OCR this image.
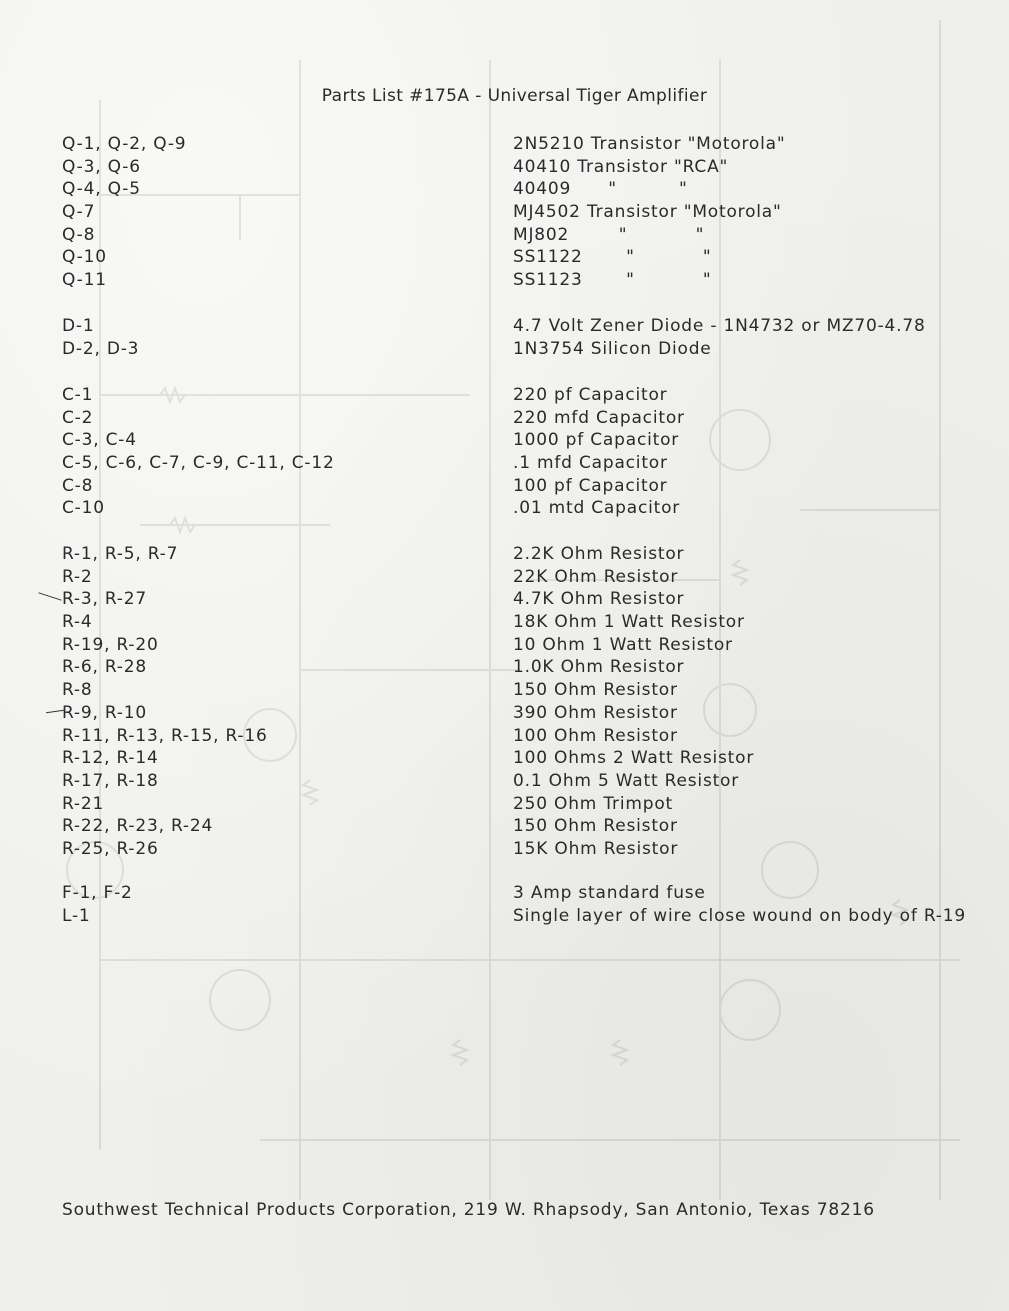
Parts List #175A - Universal Tiger Amplifier
Q-1, Q-2, Q-9	2N5210 Transistor "Motorola"
Q-3, Q-6	40410 Transistor "RCA"
Q-4, Q-5	40409      "          "
Q-7	MJ4502 Transistor "Motorola"
Q-8	MJ802        "           "
Q-10	SS1122       "           "
Q-11	SS1123       "           "
D-1	4.7 Volt Zener Diode - 1N4732 or MZ70-4.78
D-2, D-3	1N3754 Silicon Diode
C-1	220 pf Capacitor
C-2	220 mfd Capacitor
C-3, C-4	1000 pf Capacitor
C-5, C-6, C-7, C-9, C-11, C-12	.1 mfd Capacitor
C-8	100 pf Capacitor
C-10	.01 mtd Capacitor
R-1, R-5, R-7	2.2K Ohm Resistor
R-2	22K Ohm Resistor
R-3, R-27	4.7K Ohm Resistor
R-4	18K Ohm 1 Watt Resistor
R-19, R-20	10 Ohm 1 Watt Resistor
R-6, R-28	1.0K Ohm Resistor
R-8	150 Ohm Resistor
R-9, R-10	390 Ohm Resistor
R-11, R-13, R-15, R-16	100 Ohm Resistor
R-12, R-14	100 Ohms 2 Watt Resistor
R-17, R-18	0.1 Ohm 5 Watt Resistor
R-21	250 Ohm Trimpot
R-22, R-23, R-24	150 Ohm Resistor
R-25, R-26	15K Ohm Resistor
F-1, F-2	3 Amp standard fuse
L-1	Single layer of wire close wound on body of R-19
Southwest Technical Products Corporation, 219 W. Rhapsody, San Antonio, Texas 78216
